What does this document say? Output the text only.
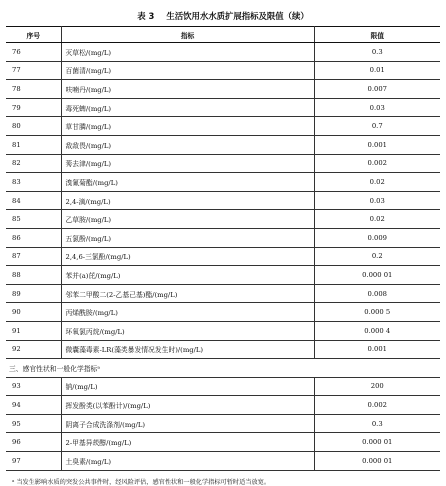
表 3 生活饮用水水质扩展指标及限值（续）
序号	指标	限值
76	灭草松/(mg/L)	0.3
77	百菌清/(mg/L)	0.01
78	呋喃丹/(mg/L)	0.007
79	毒死蜱/(mg/L)	0.03
80	草甘膦/(mg/L)	0.7
81	敌敌畏/(mg/L)	0.001
82	莠去津/(mg/L)	0.002
83	溴氰菊酯/(mg/L)	0.02
84	2,4-滴/(mg/L)	0.03
85	乙草胺/(mg/L)	0.02
86	五氯酚/(mg/L)	0.009
87	2,4,6-三氯酚/(mg/L)	0.2
88	苯并(a)芘/(mg/L)	0.000 01
89	邻苯二甲酸二(2-乙基己基)酯/(mg/L)	0.008
90	丙烯酰胺/(mg/L)	0.000 5
91	环氧氯丙烷/(mg/L)	0.000 4
92	微囊藻毒素-LR(藻类暴发情况发生时)/(mg/L)	0.001
三、感官性状和一般化学指标ᵃ		
93	钠/(mg/L)	200
94	挥发酚类(以苯酚计)/(mg/L)	0.002
95	阴离子合成洗涤剂/(mg/L)	0.3
96	2-甲基异莰醇/(mg/L)	0.000 01
97	土臭素/(mg/L)	0.000 01
ᵃ 当发生影响水质的突发公共事件时，经风险评估，感官性状和一般化学指标可暂时适当放宽。
